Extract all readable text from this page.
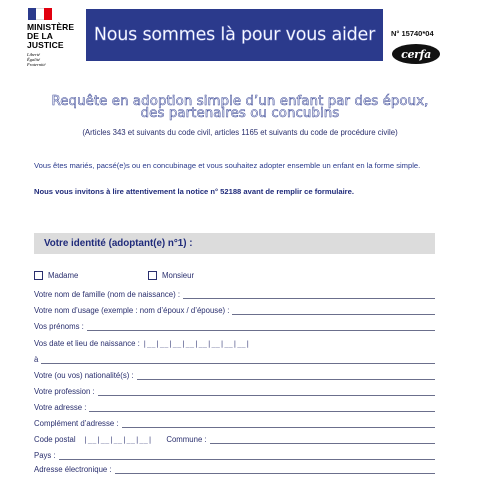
MINISTÈRE
DE LA JUSTICE
Liberté
Égalité
Fraternité
Nous sommes là pour vous aider N° 15740*04
cerfa
Requête en adoption simple d’un enfant par des époux,
des partenaires ou concubins
(Articles 343 et suivants du code civil, articles 1165 et suivants du code de procédure civile)
Vous êtes mariés, pacsé(e)s ou en concubinage et vous souhaitez adopter ensemble un enfant en la forme simple.
Nous vous invitons à lire attentivement la notice n° 52188 avant de remplir ce formulaire.
Votre identité (adoptant(e) n°1) :
Madame	Monsieur
Votre nom de famille (nom de naissance) :
Votre nom d’usage (exemple : nom d’époux / d’épouse) :
Vos prénoms :
Vos date et lieu de naissance : |__|__|__|__|__|__|__|__|
à
Votre (ou vos) nationalité(s) :
Votre profession :
Votre adresse :
Complément d’adresse :
Code postal |__|__|__|__|__| Commune :
Pays :
Adresse électronique :
